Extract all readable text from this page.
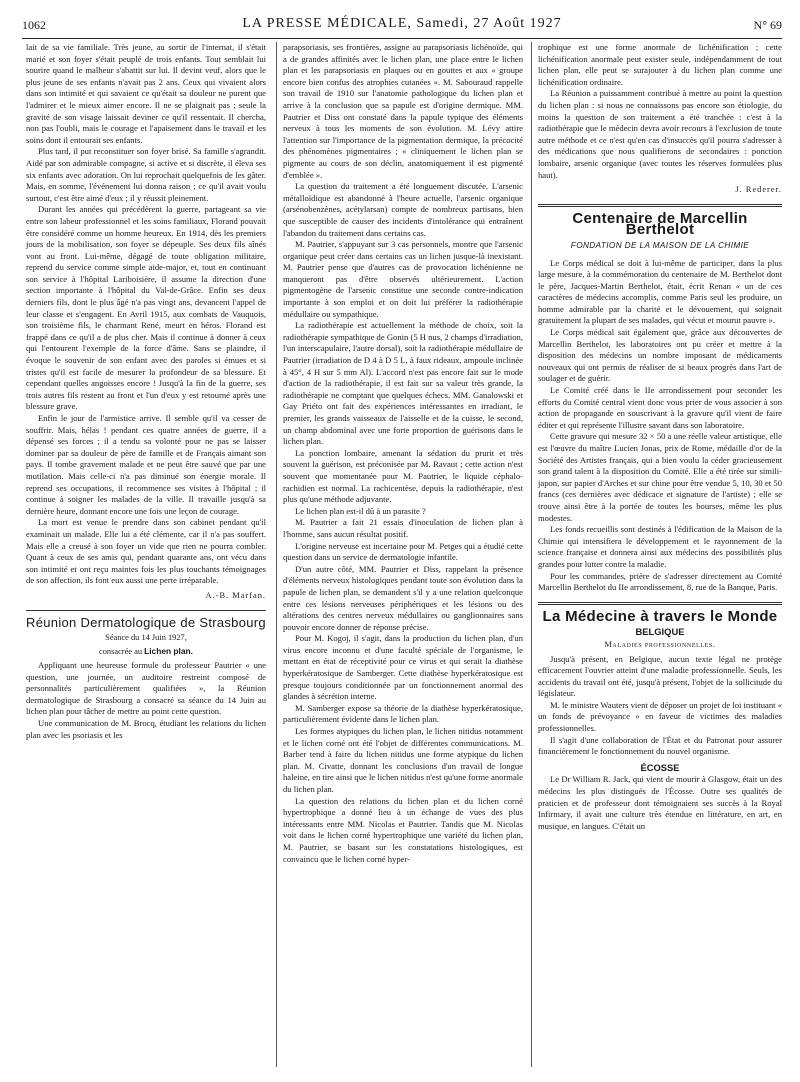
1062	LA PRESSE MÉDICALE, Samedi, 27 Août 1927	N° 69

lait de sa vie familiale. Très jeune, au sortir de l'internat, il s'était marié et son foyer s'était peuplé de trois enfants. Tout semblait lui sourire quand le malheur s'abattit sur lui. Il devint veuf, alors que le plus jeune de ses enfants n'avait pas 2 ans. Ceux qui vivaient alors dans son intimité et qui savaient ce qu'était sa douleur ne purent que l'admirer et le mieux aimer encore. Il ne se plaignait pas ; seule la gravité de son visage laissait deviner ce qu'il ressentait. Il chercha, non pas l'oubli, mais le courage et l'apaisement dans le travail et les soins dont il entourait ses enfants.

Plus tard, il put reconstituer son foyer brisé. Sa famille s'agrandit. Aidé par son admirable compagne, si active et si discrète, il éleva ses six enfants avec adoration. On lui reprochait quelquefois de les gâter. Mais, en somme, l'événement lui donna raison ; ce qu'il avait voulu surtout, c'est être aimé d'eux ; il y réussit pleinement.

Durant les années qui précédèrent la guerre, partageant sa vie entre son labeur professionnel et les soins familiaux, Florand pouvait être considéré comme un homme heureux. En 1914, dès les premiers jours de la mobilisation, son foyer se dépeuple. Ses deux fils aînés vont au front. Lui-même, dégagé de toute obligation militaire, reprend du service comme simple aide-major, et, tout en continuant son service à l'hôpital Lariboisière, il assume la direction d'une section importante à l'hôpital du Val-de-Grâce. Enfin ses deux derniers fils, dont le plus âgé n'a pas vingt ans, devancent l'appel de leur classe et s'engagent. En Avril 1915, aux combats de Vauquois, son troisième fils, le charmant René, meurt en héros. Florand est frappé dans ce qu'il a de plus cher. Mais il continue à donner à ceux qui l'entourent l'exemple de la force d'âme. Sans se plaindre, il évoque le souvenir de son enfant avec des paroles si émues et si tristes qu'il est facile de mesurer la profondeur de sa blessure. Et cependant quelles angoisses encore ! Jusqu'à la fin de la guerre, ses trois autres fils restent au front et l'un d'eux y est retourné après une blessure grave.

Enfin le jour de l'armistice arrive. Il semble qu'il va cesser de souffrir. Mais, hélas ! pendant ces quatre années de guerre, il a dépensé ses forces ; il a tendu sa volonté pour ne pas se laisser dominer par sa douleur de père de famille et de Français aimant son pays. Il tombe gravement malade et ne peut être sauvé que par une mutilation. Mais celle-ci n'a pas diminué son énergie morale. Il reprend ses occupations, il recommence ses visites à l'hôpital ; il continue à soigner les malades de la ville. Il travaille jusqu'à sa dernière heure, donnant encore une fois une leçon de courage.

La mort est venue le prendre dans son cabinet pendant qu'il examinait un malade. Elle lui a été clémente, car il n'a pas souffert. Mais elle a creusé à son foyer un vide que rien ne pourra combler. Quant à ceux de ses amis qui, pendant quarante ans, ont vécu dans son intimité et ont reçu maintes fois les plus touchants témoignages de son affection, ils font eux aussi une perte irréparable.

A.-B. Marfan.
Réunion Dermatologique de Strasbourg
Séance du 14 Juin 1927,
consacrée au Lichen plan.

Appliquant une heureuse formule du professeur Pautrier « une question, une journée, un auditoire restreint composé de personnalités particulièrement qualifiées », la Réunion dermatologique de Strasbourg a consacré sa séance du 14 Juin au lichen plan pour tâcher de mettre au point cette question.

Une communication de M. Brocq, étudiant les relations du lichen plan avec les psoriasis et les

parapsoriasis, ses frontières, assigne au parapsoriasis lichénoïde, qui a de grandes affinités avec le lichen plan, une place entre le lichen plan et les parapsoriasis en plaques ou en gouttes et aux « groupe encore bien confus des atrophies cutanées ». M. Sabouraud rappelle son travail de 1910 sur l'anatomie pathologique du lichen plan et arrive à la conclusion que sa papule est d'origine dermique. MM. Pautrier et Diss ont constaté dans la papule typique des éléments nerveux à tous les moments de son évolution. M. Lévy attire l'attention sur l'importance de la pigmentation dermique, la précocité des phénomènes pigmentaires ; « cliniquement le lichen plan se pigmente au cours de son déclin, anatomiquement il est pigmenté d'emblée ».

La question du traitement a été longuement discutée. L'arsenic métalloïdique est abandonné à l'heure actuelle, l'arsenic organique (arsénobenzènes, acétylarsan) compte de nombreux partisans, bien que susceptible de causer des incidents d'intolérance qui entraînent l'abandon du traitement dans certains cas.

M. Pautrier, s'appuyant sur 3 cas personnels, montre que l'arsenic organique peut créer dans certains cas un lichen jusque-là inexistant. M. Pautrier pense que d'autres cas de provocation lichénienne ne manqueront pas d'être observés ultérieurement. L'action pigmentogène de l'arsenic constitue une seconde contre-indication importante à son emploi et on doit lui préférer la radiothérapie médullaire ou sympathique.

La radiothérapie est actuellement la méthode de choix, soit la radiothérapie sympathique de Gonin (5 H nus, 2 champs d'irradiation, l'un interscapulaire, l'autre dorsal), soit la radiothérapie médullaire de Pautrier (irradiation de D 4 à D 5 L, à faux rideaux, ampoule inclinée à 45°, 4 H sur 5 mm Al). L'accord n'est pas encore fait sur le mode d'action de la radiothérapie, il est fait sur sa valeur très grande, la radiothérapie ne comptant que quelques échecs. MM. Ganalowski et Gay Priéto ont fait des expériences intéressantes en irradiant, le premier, les grands vaisseaux de l'aisselle et de la cuisse, le second, un champ abdominal avec une forte proportion de guérisons dans le lichen plan.

La ponction lombaire, amenant la sédation du prurit et très souvent la guérison, est préconisée par M. Ravaut ; cette action n'est souvent que momentanée pour M. Pautrier, le liquide céphalo-rachidien est normal. La rachicentèse, depuis la radiothérapie, n'est plus qu'une méthode adjuvante.

Le lichen plan est-il dû à un parasite ?

M. Pautrier a fait 21 essais d'inoculation de lichen plan à l'homme, sans aucun résultat positif.

L'origine nerveuse est incertaine pour M. Petges qui a étudié cette question dans un service de dermatologie infantile.

D'un autre côté, MM. Pautrier et Diss, rappelant la présence d'éléments nerveux histologiques pendant toute son évolution dans la papule de lichen plan, se demandent s'il y a une relation quelconque entre ces lésions nerveuses périphériques et les lésions ou des altérations des centres nerveux médullaires ou ganglionnaires sans pouvoir encore donner de réponse précise.

Pour M. Kogoj, il s'agit, dans la production du lichen plan, d'un virus encore inconnu et d'une faculté spéciale de l'organisme, le mettant en état de réceptivité pour ce virus et qui serait la diathèse hyperkératosique de Samberger. Cette diathèse hyperkératosique est presque toujours conditionnée par un fonctionnement anormal des glandes à sécrétion interne.

M. Samberger expose sa théorie de la diathèse hyperkératosique, particulièrement évidente dans le lichen plan.

Les formes atypiques du lichen plan, le lichen nitidus notamment et le lichen corné ont été l'objet de différentes communications. M. Barber tend à faire du lichen nitidus une forme atypique du lichen plan. M. Civatte, donnant les conclusions d'un travail de longue haleine, en tire ainsi que le lichen nitidus n'est qu'une forme anormale du lichen plan.

La question des relations du lichen plan et du lichen corné hypertrophique a donné lieu à un échange de vues des plus intéressants entre MM. Nicolas et Pautrier. Tandis que M. Nicolas voit dans le lichen corné hypertrophique une variété du lichen plan, M. Pautrier, se basant sur les constatations histologiques, est convaincu que le lichen corné hyper-

trophique est une forme anormale de lichénification ; cette lichénification anormale peut exister seule, indépendamment de tout lichen plan, elle peut se surajouter à du lichen plan comme une lichénification ordinaire.

La Réunion a puissamment contribué à mettre au point la question du lichen plan : si nous ne connaissons pas encore son étiologie, du moins la question de son traitement a été tranchée : c'est à la radiothérapie que le médecin devra avoir recours à l'exclusion de toute autre méthode et ce n'est qu'en cas d'insuccès qu'il pourra s'adresser à des médications que nous qualifierons de secondaires : ponction lombaire, arsenic organique (avec toutes les réserves formulées plus haut).

J. Rederer.
Centenaire de Marcellin Berthelot
FONDATION DE LA MAISON DE LA CHIMIE

Le Corps médical se doit à lui-même de participer, dans la plus large mesure, à la commémoration du centenaire de M. Berthelot dont le père, Jacques-Martin Berthelot, était, écrit Renan « un de ces caractères de médecins accomplis, comme Paris seul les produire, un homme admirable par la charité et le dévouement, qui soignait gratuitement la plupart de ses malades, qui vécut et mourut pauvre ».

Le Corps médical sait également que, grâce aux découvertes de Marcellin Berthelot, les laboratoires ont pu créer et mettre à la disposition des médecins un nombre imposant de médicaments nouveaux qui ont permis de réaliser de si beaux progrès dans l'art de soulager et de guérir.

Le Comité créé dans le IIe arrondissement pour seconder les efforts du Comité central vient donc vous prier de vous associer à son action de propagande en souscrivant à la gravure qu'il vient de faire éditer et qui représente l'illustre savant dans son laboratoire.

Cette gravure qui mesure 32 × 50 a une réelle valeur artistique, elle est l'œuvre du maître Lucien Jonas, prix de Rome, médaille d'or de la Société des Artistes français, qui a bien voulu la céder gracieusement son grand talent à la disposition du Comité. Elle a été tirée sur simili-japon, sur papier d'Arches et sur chine pour être vendue 5, 10, 30 et 50 francs (ces dernières avec dédicace et signature de l'artiste) ; elle se trouve ainsi être à la portée de toutes les bourses, même les plus modestes.

Les fonds recueillis sont destinés à l'édification de la Maison de la Chimie qui intensifiera le développement et le rayonnement de la science française et donnera ainsi aux médecins des possibilités plus grandes pour lutter contre la maladie.

Pour les commandes, prière de s'adresser directement au Comité Marcellin Berthelot du IIe arrondissement, 8, rue de la Banque, Paris.

La Médecine à travers le Monde
BELGIQUE
Maladies professionnelles.

Jusqu'à présent, en Belgique, aucun texte légal ne protège efficacement l'ouvrier atteint d'une maladie professionnelle. Seuls, les accidents du travail ont été, jusqu'à présent, l'objet de la sollicitude du législateur.

M. le ministre Wauters vient de déposer un projet de loi instituant « un fonds de prévoyance » en faveur de victimes des maladies professionnelles.

Il s'agit d'une collaboration de l'État et du Patronat pour assurer financièrement le fonctionnement du nouvel organisme.

ÉCOSSE

Le Dr William R. Jack, qui vient de mourir à Glasgow, était un des médecins les plus distingués de l'Écosse. Outre ses qualités de praticien et de professeur dont témoignaient ses succès à la Royal Infirmary, il avait une culture très étendue en littérature, en art, en musique, en langues. C'était un
